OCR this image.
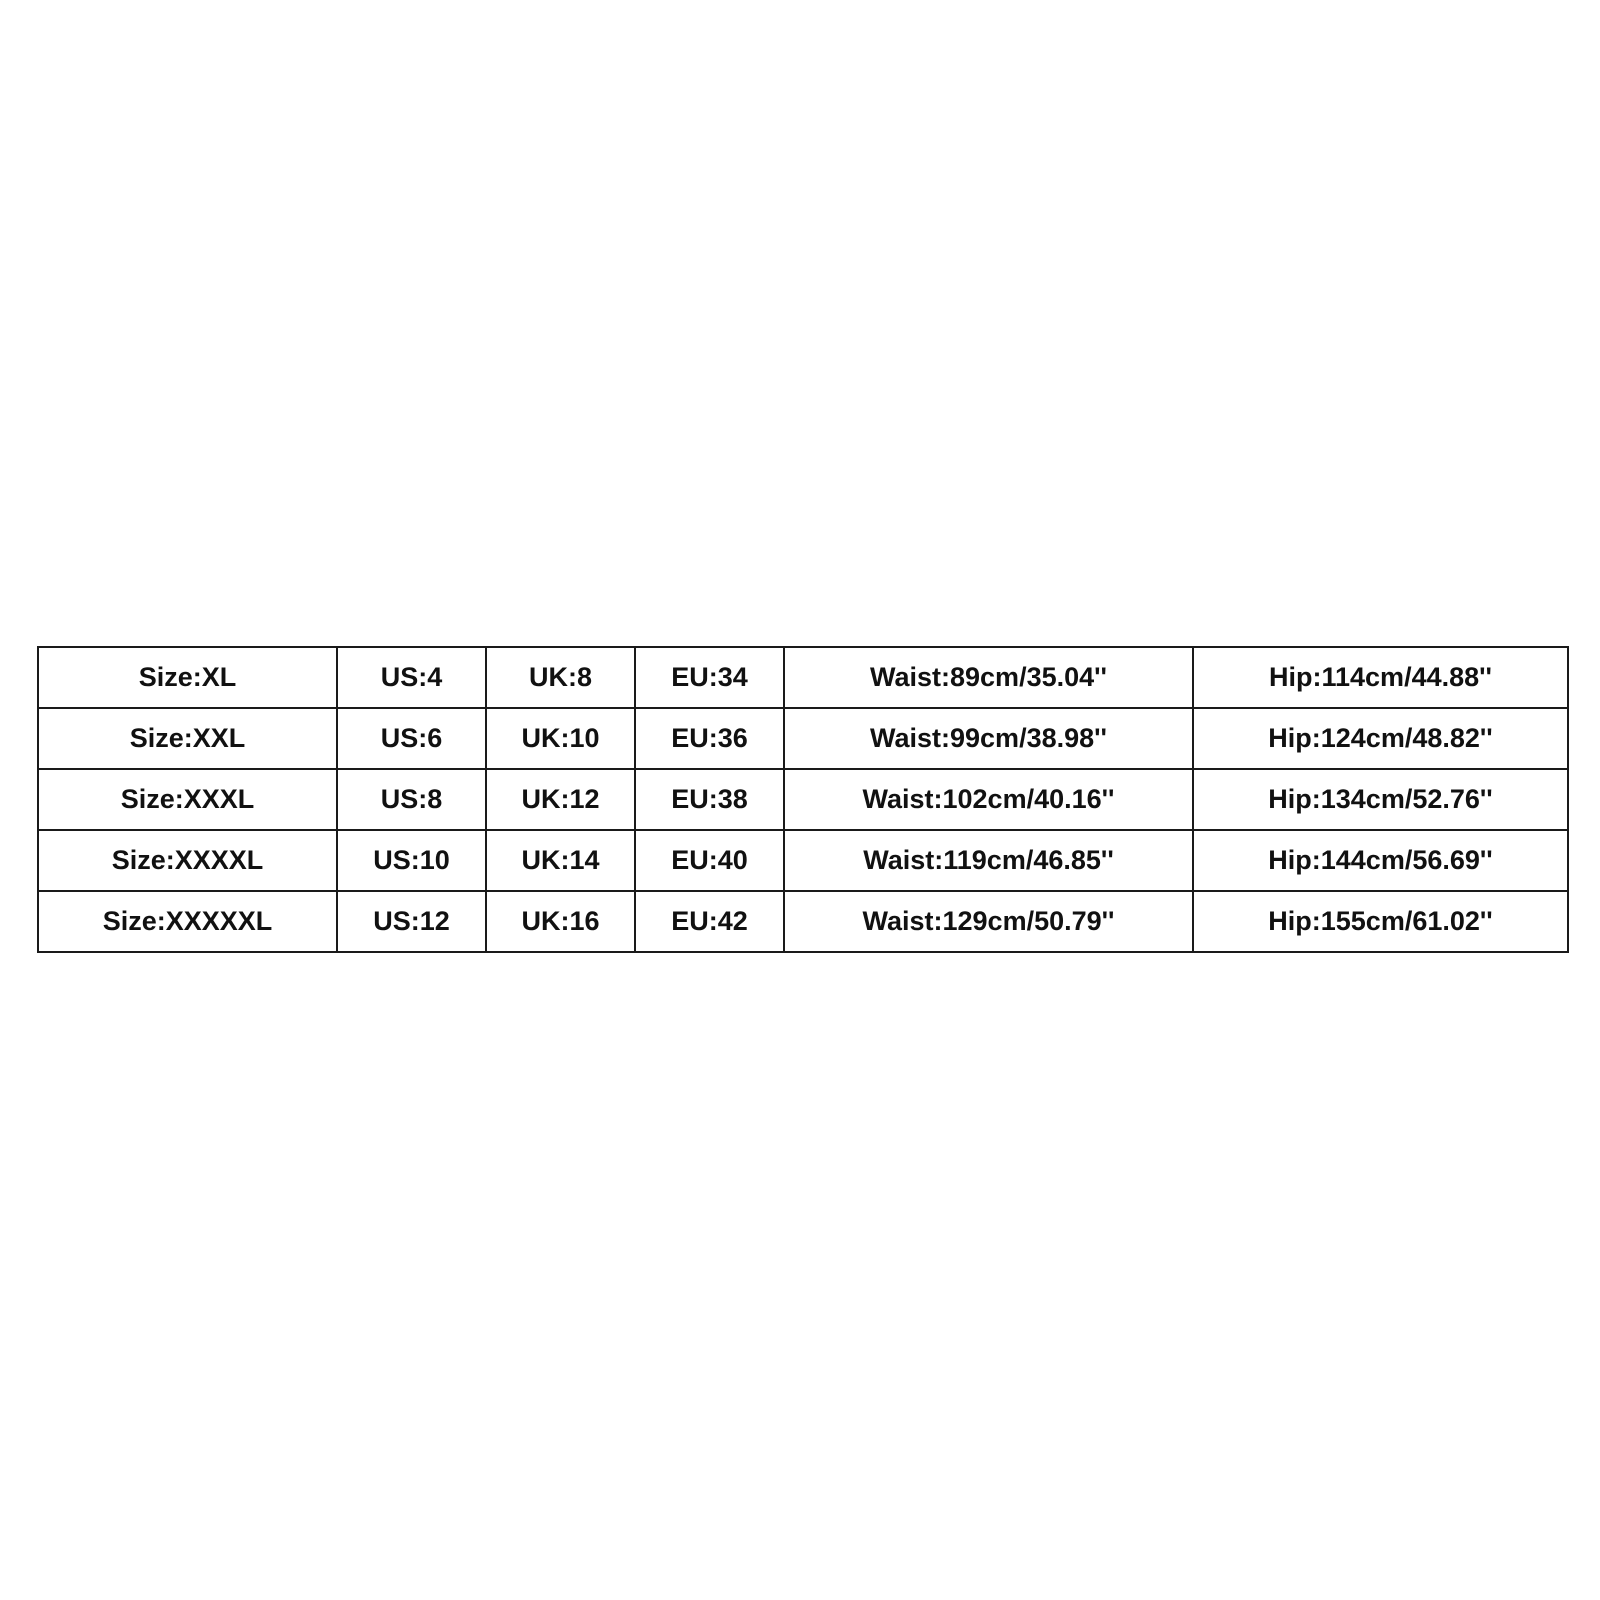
Size:XL	US:4	UK:8	EU:34	Waist:89cm/35.04''	Hip:114cm/44.88''
Size:XXL	US:6	UK:10	EU:36	Waist:99cm/38.98''	Hip:124cm/48.82''
Size:XXXL	US:8	UK:12	EU:38	Waist:102cm/40.16''	Hip:134cm/52.76''
Size:XXXXL	US:10	UK:14	EU:40	Waist:119cm/46.85''	Hip:144cm/56.69''
Size:XXXXXL	US:12	UK:16	EU:42	Waist:129cm/50.79''	Hip:155cm/61.02''
